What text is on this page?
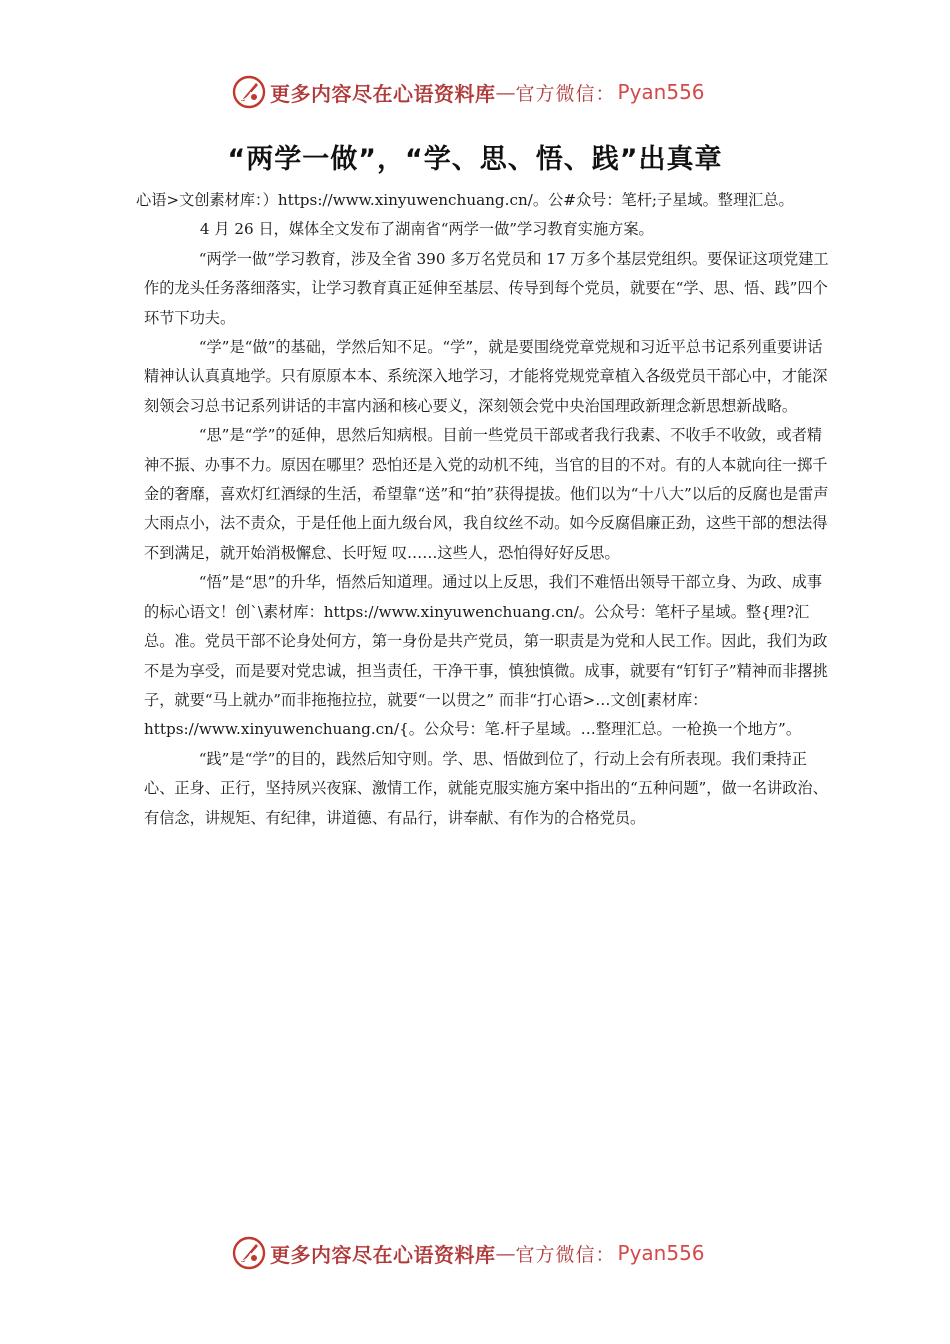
更多内容尽在心语资料库 — 官方微信： Pyan556
“两学一做”，“学、思、悟、践”出真章
心语>文创素材库：）https://www.xinyuwenchuang.cn/。公#众号：笔杆;子星域。整理汇总。

4 月 26 日，媒体全文发布了湖南省“两学一做”学习教育实施方案。

“两学一做”学习教育，涉及全省 390 多万名党员和 17 万多个基层党组织。要保证这项党建工作的龙头任务落细落实，让学习教育真正延伸至基层、传导到每个党员，就要在“学、思、悟、践”四个环节下功夫。

“学”是“做”的基础，学然后知不足。“学”，就是要围绕党章党规和习近平总书记系列重要讲话精神认认真真地学。只有原原本本、系统深入地学习，才能将党规党章植入各级党员干部心中，才能深刻领会习总书记系列讲话的丰富内涵和核心要义，深刻领会党中央治国理政新理念新思想新战略。

“思”是“学”的延伸，思然后知病根。目前一些党员干部或者我行我素、不收手不收敛，或者精神不振、办事不力。原因在哪里？恐怕还是入党的动机不纯，当官的目的不对。有的人本就向往一掷千金的奢靡，喜欢灯红酒绿的生活，希望靠“送”和“拍”获得提拔。他们以为“十八大”以后的反腐也是雷声大雨点小，法不责众，于是任他上面九级台风，我自纹丝不动。如今反腐倡廉正劲，这些干部的想法得不到满足，就开始消极懈怠、长吁短 叹……这些人，恐怕得好好反思。

“悟”是“思”的升华，悟然后知道理。通过以上反思，我们不难悟出领导干部立身、为政、成事的标心语文！创`\素材库：https://www.xinyuwenchuang.cn/。公众号：笔杆子星域。整{理?汇总。准。党员干部不论身处何方，第一身份是共产党员，第一职责是为党和人民工作。因此，我们为政不是为享受，而是要对党忠诚，担当责任，干净干事，慎独慎微。成事，就要有“钉钉子”精神而非撂挑子，就要“马上就办”而非拖拖拉拉，就要“一以贯之” 而非“打心语>…文创[素材库：https://www.xinyuwenchuang.cn/{。公众号：笔.杆子星域。…整理汇总。一枪换一个地方”。

“践”是“学”的目的，践然后知守则。学、思、悟做到位了，行动上会有所表现。我们秉持正心、正身、正行，坚持夙兴夜寐、激情工作，就能克服实施方案中指出的“五种问题”，做一名讲政治、有信念，讲规矩、有纪律，讲道德、有品行，讲奉献、有作为的合格党员。

更多内容尽在心语资料库 — 官方微信： Pyan556
